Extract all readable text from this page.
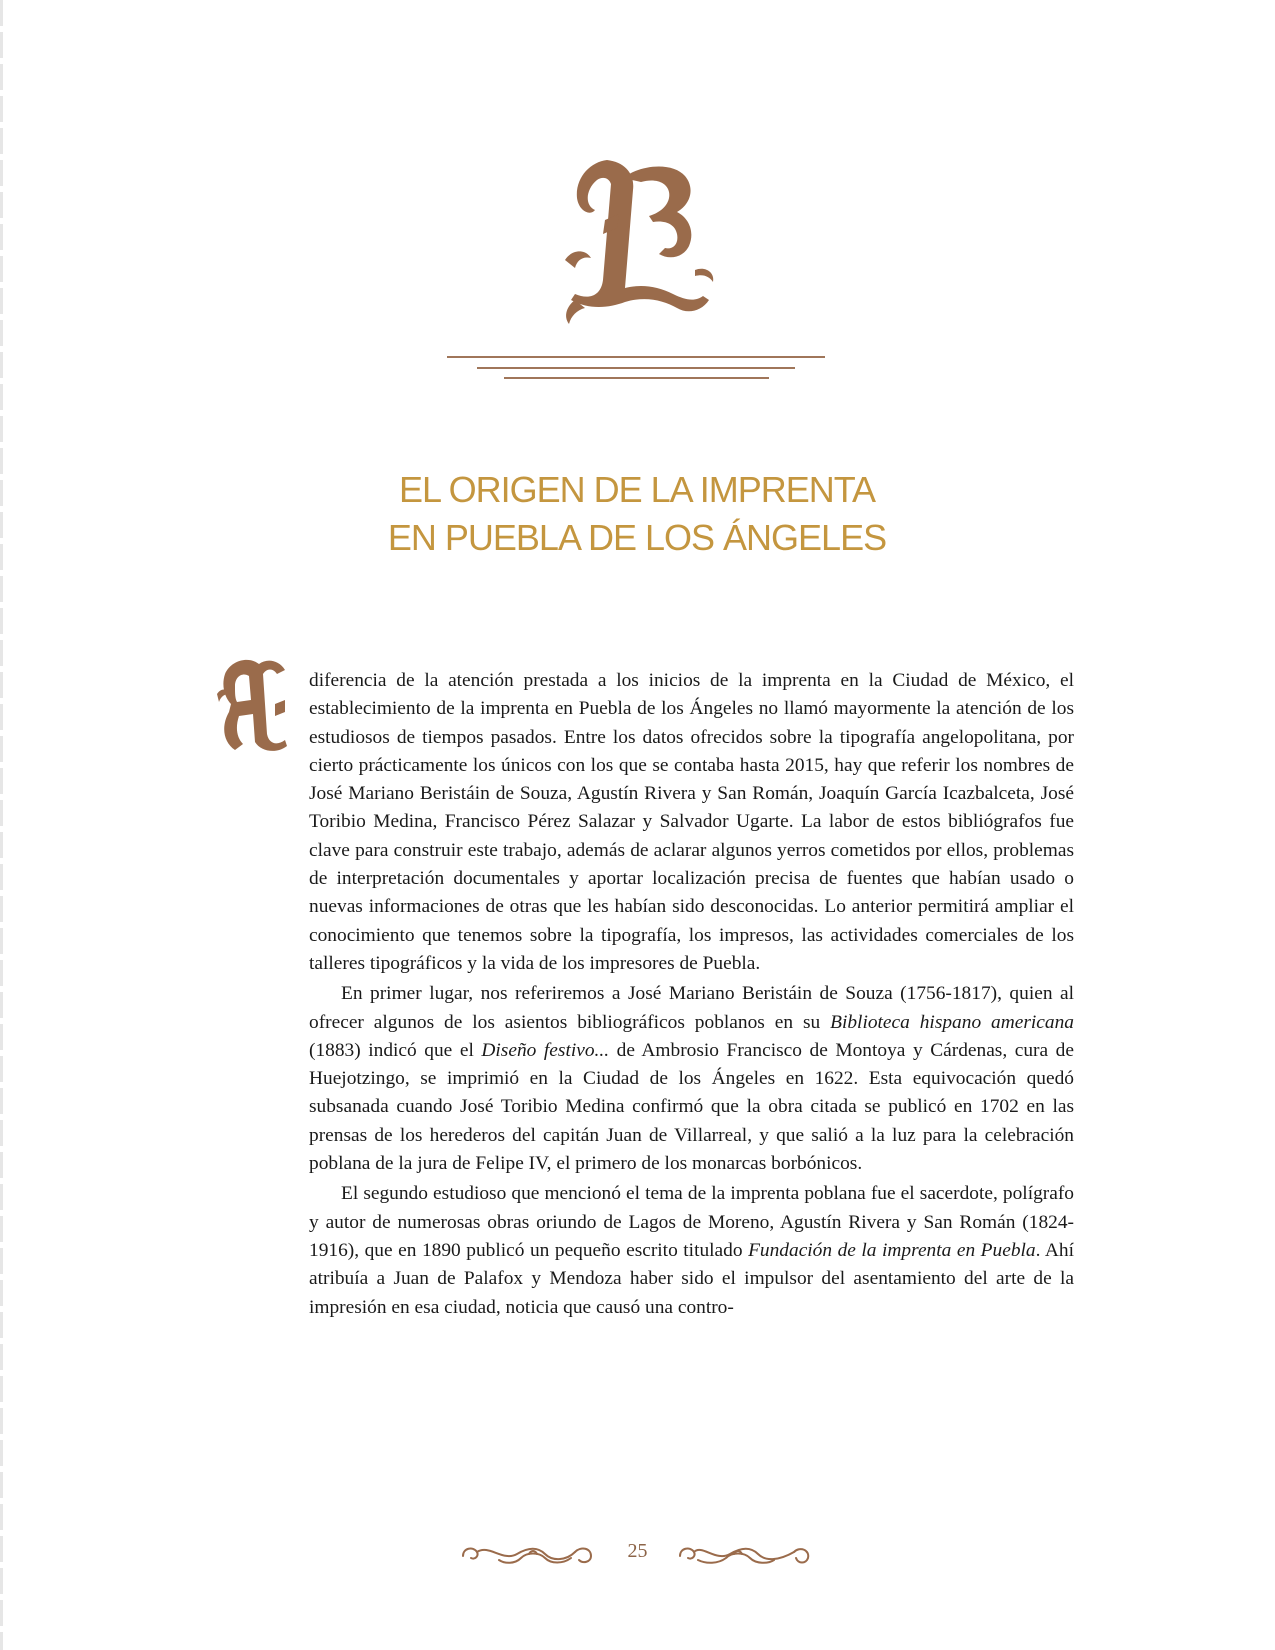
EL ORIGEN DE LA IMPRENTA
EN PUEBLA DE LOS ÁNGELES

diferencia de la atención prestada a los inicios de la imprenta en la Ciudad de México, el establecimiento de la imprenta en Puebla de los Ángeles no llamó mayormente la atención de los estudiosos de tiempos pasados. Entre los datos ofrecidos sobre la tipografía angelopolitana, por cierto prácticamente los únicos con los que se contaba hasta 2015, hay que referir los nombres de José Mariano Beristáin de Souza, Agustín Rivera y San Román, Joaquín García Icazbalceta, José Toribio Medina, Francisco Pérez Salazar y Salvador Ugarte. La labor de estos bibliógrafos fue clave para construir este trabajo, además de aclarar algunos yerros cometidos por ellos, problemas de interpretación documentales y aportar localización precisa de fuentes que habían usado o nuevas informaciones de otras que les habían sido desconocidas. Lo anterior permitirá ampliar el conocimiento que tenemos sobre la tipografía, los impresos, las actividades comerciales de los talleres tipográficos y la vida de los impresores de Puebla.

En primer lugar, nos referiremos a José Mariano Beristáin de Souza (1756-1817), quien al ofrecer algunos de los asientos bibliográficos poblanos en su Biblioteca hispano americana (1883) indicó que el Diseño festivo... de Ambrosio Francisco de Montoya y Cárdenas, cura de Huejotzingo, se imprimió en la Ciudad de los Ángeles en 1622. Esta equivocación quedó subsanada cuando José Toribio Medina confirmó que la obra citada se publicó en 1702 en las prensas de los herederos del capitán Juan de Villarreal, y que salió a la luz para la celebración poblana de la jura de Felipe IV, el primero de los monarcas borbónicos.

El segundo estudioso que mencionó el tema de la imprenta poblana fue el sacerdote, polígrafo y autor de numerosas obras oriundo de Lagos de Moreno, Agustín Rivera y San Román (1824-1916), que en 1890 publicó un pequeño escrito titulado Fundación de la imprenta en Puebla. Ahí atribuía a Juan de Palafox y Mendoza haber sido el impulsor del asentamiento del arte de la impresión en esa ciudad, noticia que causó una contro-

25
